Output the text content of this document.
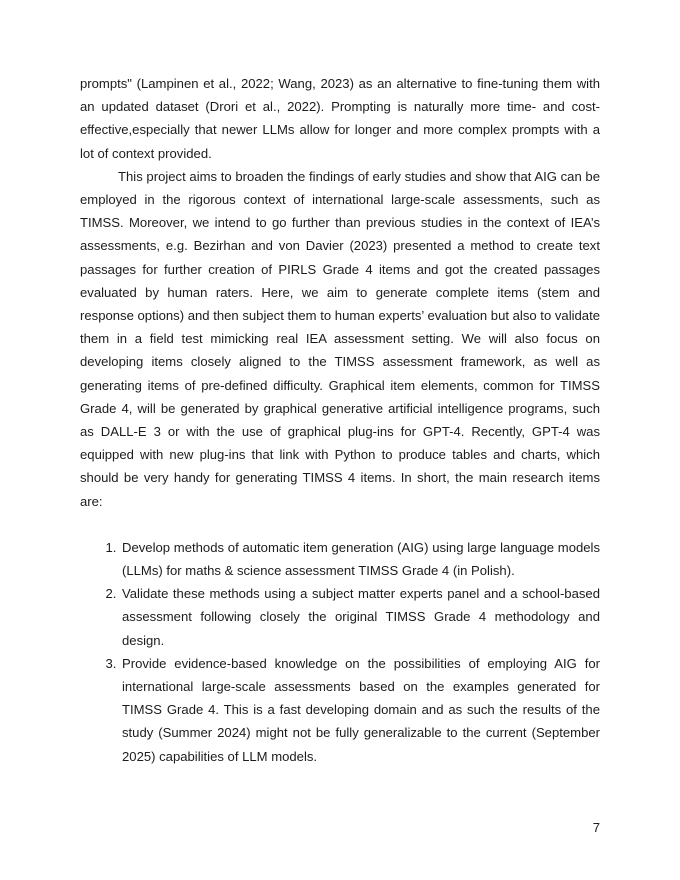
prompts" (Lampinen et al., 2022; Wang, 2023) as an alternative to fine-tuning them with an updated dataset (Drori et al., 2022). Prompting is naturally more time- and cost-effective,especially that newer LLMs allow for longer and more complex prompts with a lot of context provided.

This project aims to broaden the findings of early studies and show that AIG can be employed in the rigorous context of international large-scale assessments, such as TIMSS. Moreover, we intend to go further than previous studies in the context of IEA’s assessments, e.g. Bezirhan and von Davier (2023) presented a method to create text passages for further creation of PIRLS Grade 4 items and got the created passages evaluated by human raters. Here, we aim to generate complete items (stem and response options) and then subject them to human experts’ evaluation but also to validate them in a field test mimicking real IEA assessment setting. We will also focus on developing items closely aligned to the TIMSS assessment framework, as well as generating items of pre-defined difficulty. Graphical item elements, common for TIMSS Grade 4, will be generated by graphical generative artificial intelligence programs, such as DALL-E 3 or with the use of graphical plug-ins for GPT-4. Recently, GPT-4 was equipped with new plug-ins that link with Python to produce tables and charts, which should be very handy for generating TIMSS 4 items. In short, the main research items are:

1. Develop methods of automatic item generation (AIG) using large language models (LLMs) for maths & science assessment TIMSS Grade 4 (in Polish).
2. Validate these methods using a subject matter experts panel and a school-based assessment following closely the original TIMSS Grade 4 methodology and design.
3. Provide evidence-based knowledge on the possibilities of employing AIG for international large-scale assessments based on the examples generated for TIMSS Grade 4. This is a fast developing domain and as such the results of the study (Summer 2024) might not be fully generalizable to the current (September 2025) capabilities of LLM models.
7
